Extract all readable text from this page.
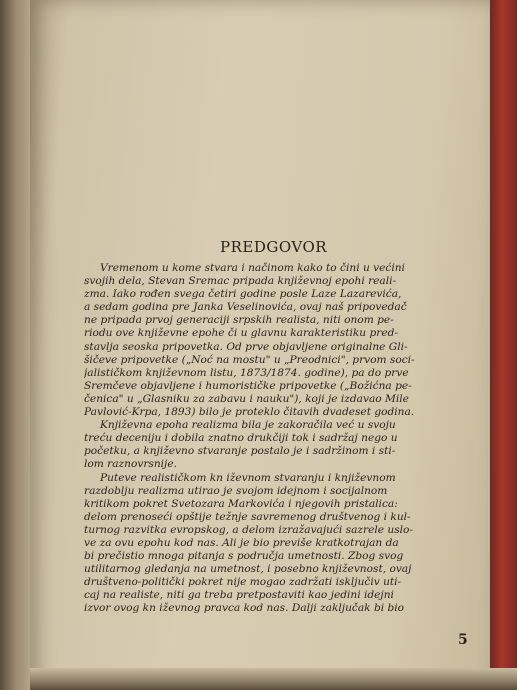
PREDGOVOR
Vremenom u kome stvara i načinom kako to čini u većini
svojih dela, Stevan Sremac pripada književnoj epohi reali-
zma. Iako rođen svega četiri godine posle Laze Lazarevića,
a sedam godina pre Janka Veselinovića, ovaj naš pripovedač
ne pripada prvoj generaciji srpskih realista, niti onom pe-
riodu ove književne epohe či u glavnu karakteristiku pred-
stavlja seoska pripovetka. Od prve objavljene originalne Gli-
šičeve pripovetke („Noć na mostu" u „Preodnici", prvom soci-
jalističkom književnom listu, 1873/1874. godine), pa do prve
Sremčeve objavljene i humorističke pripovetke („Božićna pe-
čenica" u „Glasniku za zabavu i nauku"), koji je izdavao Mile
Pavlović-Krpa, 1893) bilo je proteklo čitavih dvadeset godina.
Književna epoha realizma bila je zakoračila već u svoju
treću deceniju i dobila znatno drukčiji tok i sadržaj nego u
početku, a književno stvaranje postalo je i sadržinom i sti-
lom raznovrsnije.
Puteve realističkom kn iževnom stvaranju i književnom
razdoblju realizma utirao je svojom idejnom i socijalnom
kritikom pokret Svetozara Markovića i njegovih pristalica:
delom prenoseći opštije težnje savremenog društvenog i kul-
turnog razvitka evropskog, a delom izražavajući sazrele uslo-
ve za ovu epohu kod nas. Ali je bio previše kratkotrajan da
bi prečistio mnoga pitanja s područja umetnosti. Zbog svog
utilitarnog gledanja na umetnost, i posebno književnost, ovaj
društveno-politički pokret nije mogao zadržati isključiv uti-
caj na realiste, niti ga treba pretpostaviti kao jedini idejni
izvor ovog kn iževnog pravca kod nas. Dalji zaključak bi bio
5
